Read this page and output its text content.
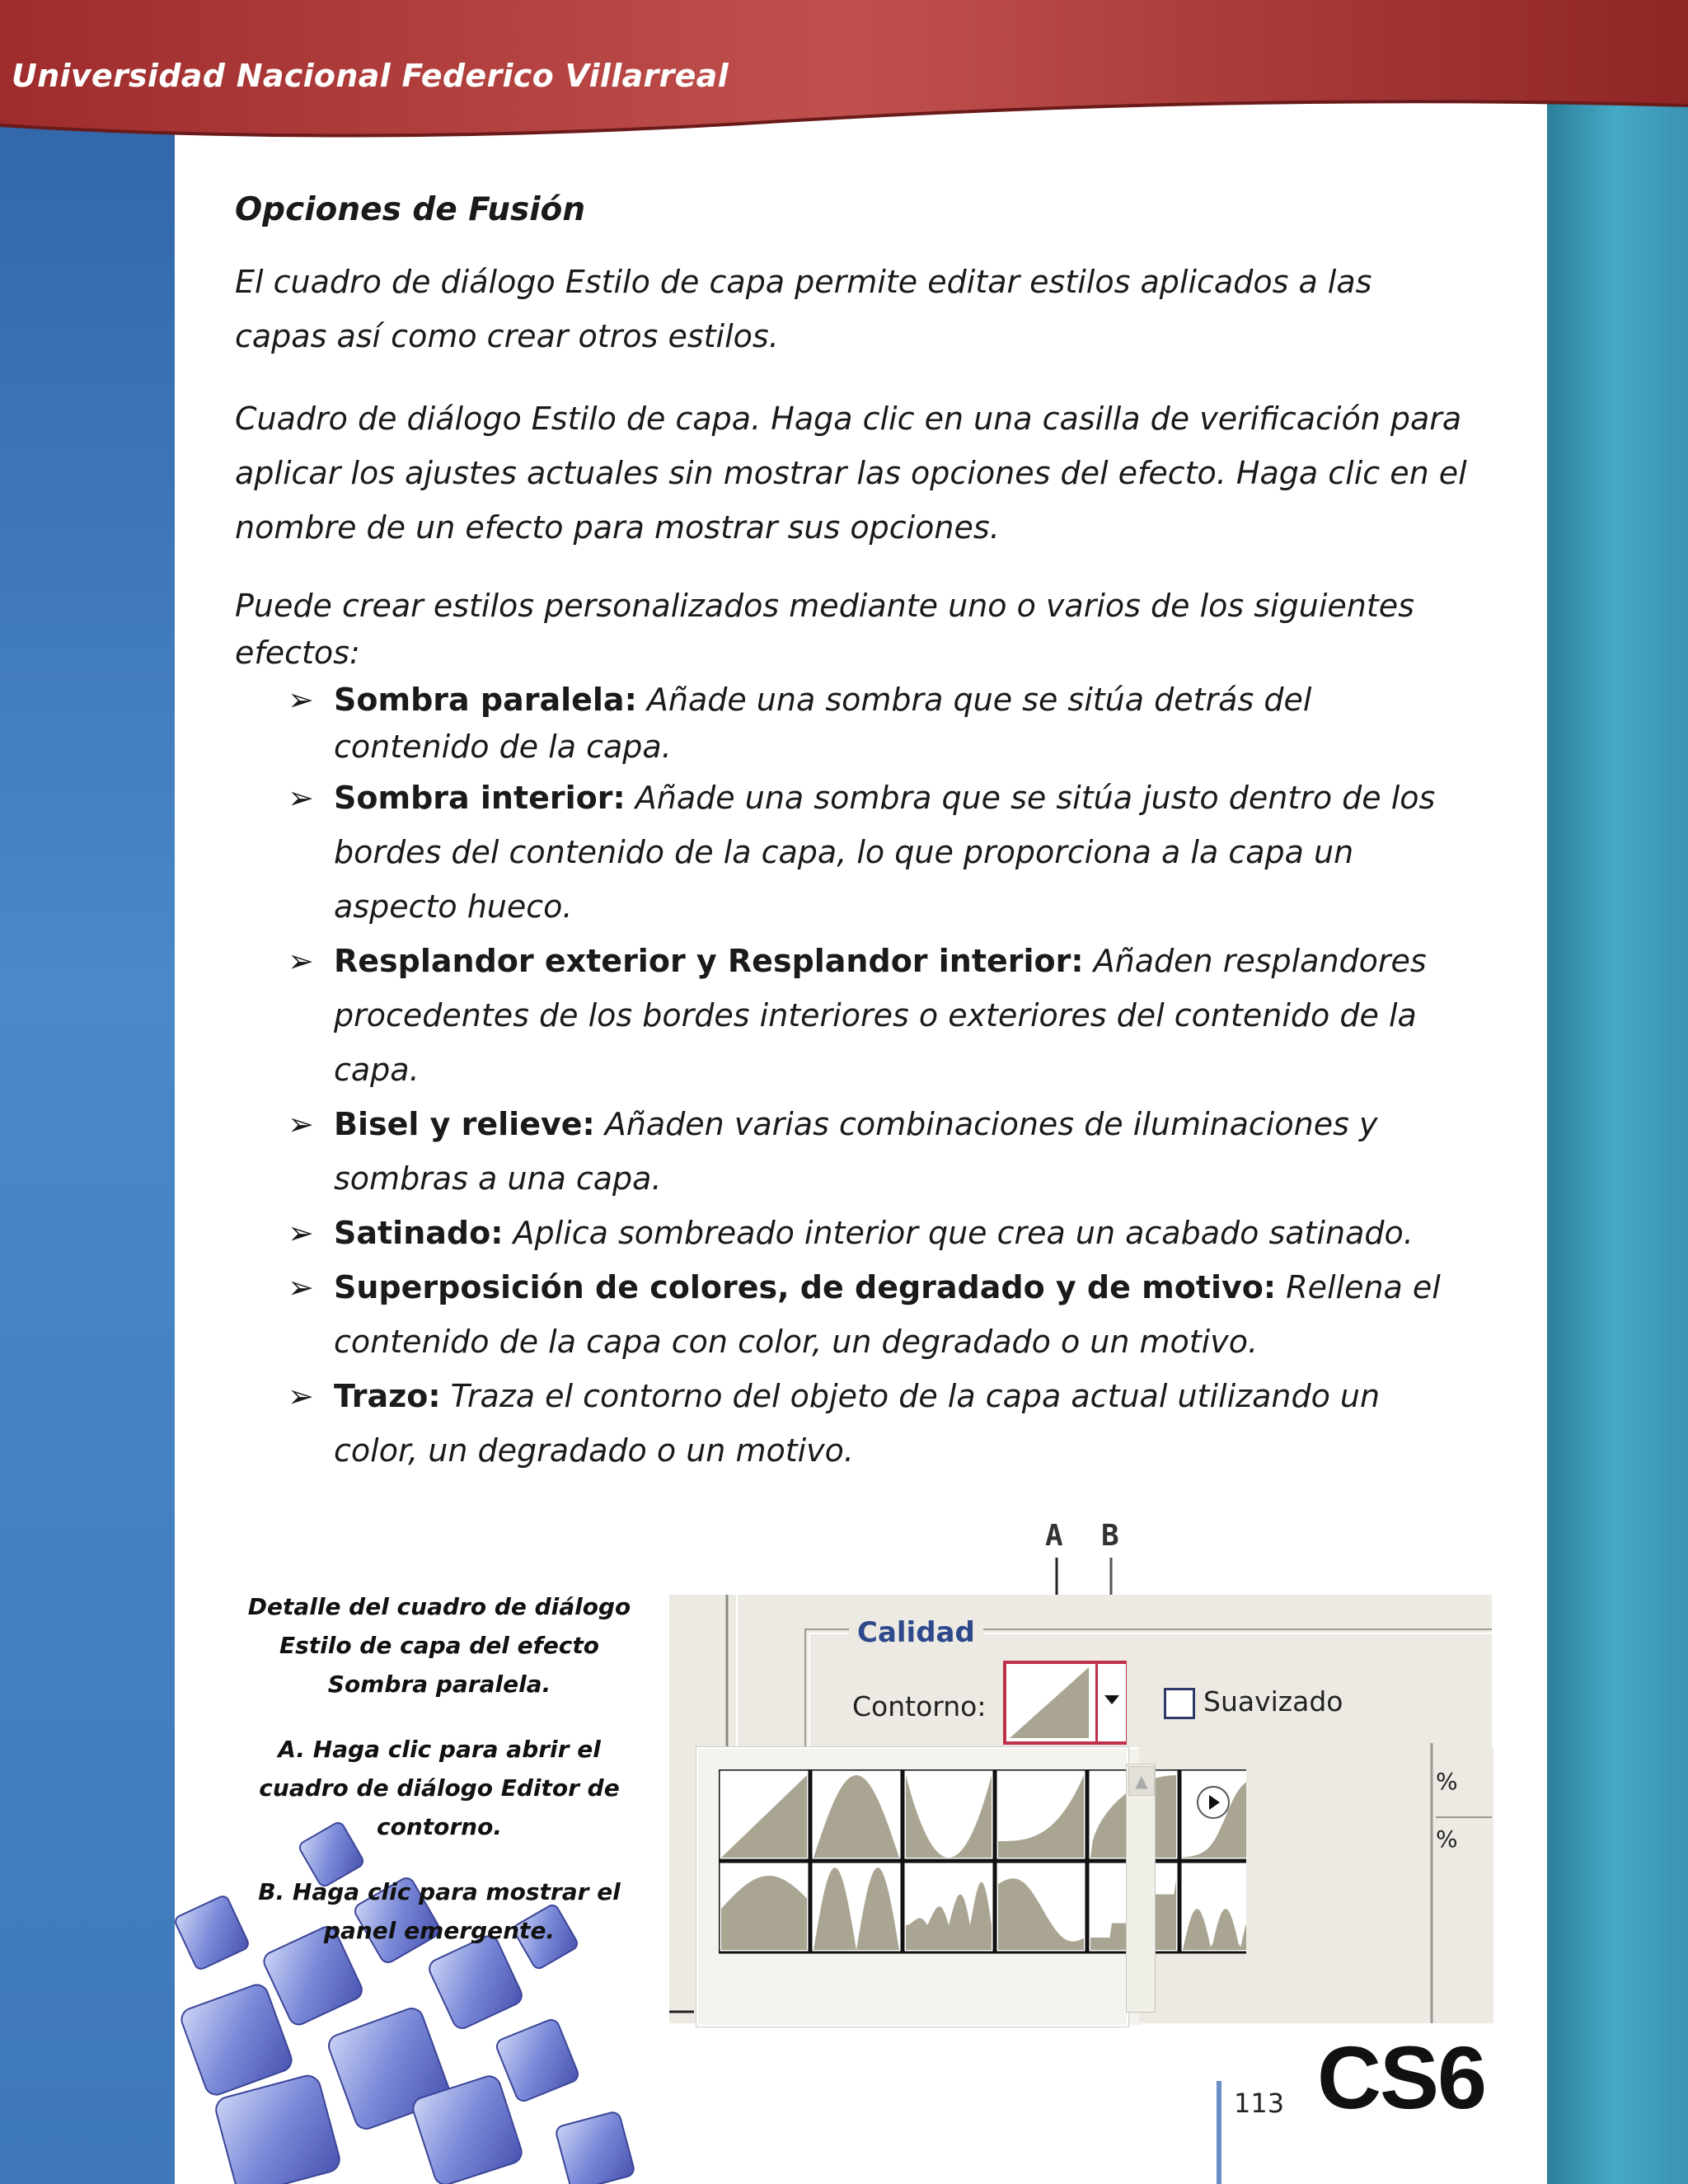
Universidad Nacional Federico Villarreal
Opciones de Fusión

El cuadro de diálogo Estilo de capa permite editar estilos aplicados a las capas así como crear otros estilos.

Cuadro de diálogo Estilo de capa. Haga clic en una casilla de verificación para aplicar los ajustes actuales sin mostrar las opciones del efecto. Haga clic en el nombre de un efecto para mostrar sus opciones.

Puede crear estilos personalizados mediante uno o varios de los siguientes efectos:

➢ Sombra paralela: Añade una sombra que se sitúa detrás del contenido de la capa.
➢ Sombra interior: Añade una sombra que se sitúa justo dentro de los bordes del contenido de la capa, lo que proporciona a la capa un aspecto hueco.
➢ Resplandor exterior y Resplandor interior: Añaden resplandores procedentes de los bordes interiores o exteriores del contenido de la capa.
➢ Bisel y relieve: Añaden varias combinaciones de iluminaciones y sombras a una capa.
➢ Satinado: Aplica sombreado interior que crea un acabado satinado.
➢ Superposición de colores, de degradado y de motivo: Rellena el contenido de la capa con color, un degradado o un motivo.
➢ Trazo: Traza el contorno del objeto de la capa actual utilizando un color, un degradado o un motivo.

Detalle del cuadro de diálogo Estilo de capa del efecto Sombra paralela.

A. Haga clic para abrir el cuadro de diálogo Editor de contorno.

B. Haga clic para mostrar el panel emergente.

A B
Calidad
Contorno:	Suavizado
▲	%
%
113 CS6
